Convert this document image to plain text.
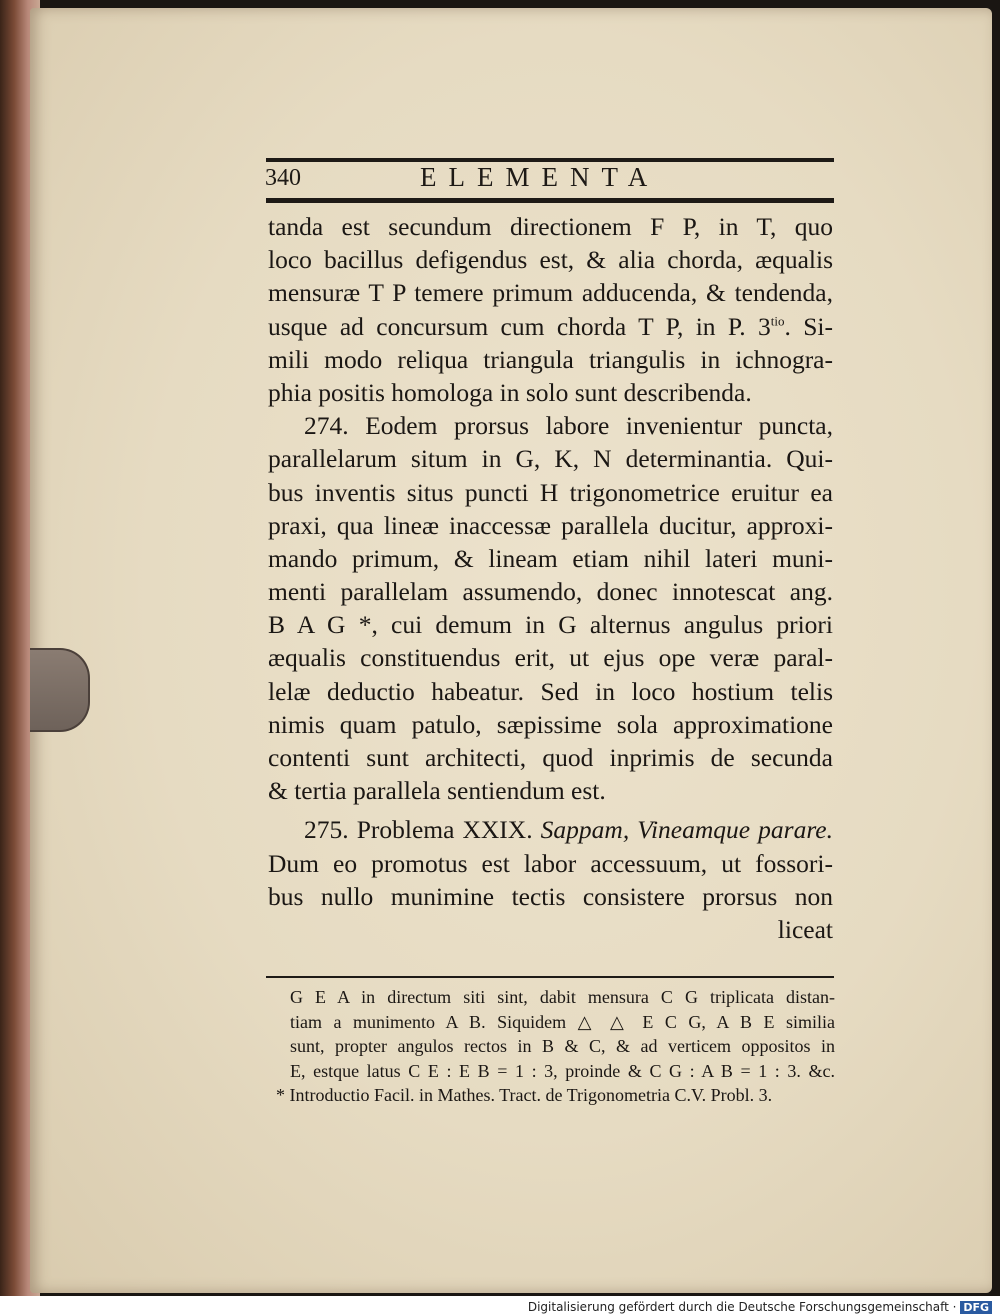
340	ELEMENTA
tanda est secundum directionem F P, in T, quo
loco bacillus defigendus est, & alia chorda, æqualis
mensuræ T P temere primum adducenda, & tendenda,
usque ad concursum cum chorda T P, in P. $3^{tio}$. Si-
mili modo reliqua triangula triangulis in ichnogra-
phia positis homologa in solo sunt describenda.
274. Eodem prorsus labore invenientur puncta,
parallelarum situm in G, K, N determinantia. Qui-
bus inventis situs puncti H trigonometrice eruitur ea
praxi, qua lineæ inaccessæ parallela ducitur, approxi-
mando primum, & lineam etiam nihil lateri muni-
menti parallelam assumendo, donec innotescat ang.
B A G *, cui demum in G alternus angulus priori
æqualis constituendus erit, ut ejus ope veræ paral-
lelæ deductio habeatur. Sed in loco hostium telis
nimis quam patulo, sæpissime sola approximatione
contenti sunt architecti, quod inprimis de secunda
& tertia parallela sentiendum est.
275. Problema XXIX. Sappam, Vineamque parare.
Dum eo promotus est labor accessuum, ut fossori-
bus nullo munimine tectis consistere prorsus non
liceat
G E A in directum siti sint, dabit mensura C G triplicata distan-
tiam a munimento A B. Siquidem △ △ E C G, A B E similia
sunt, propter angulos rectos in B & C, & ad verticem oppositos in
E, estque latus C E : E B = 1 : 3, proinde & C G : A B = 1 : 3. &c.
* Introductio Facil. in Mathes. Tract. de Trigonometria C.V. Probl. 3.
Digitalisierung gefördert durch die Deutsche Forschungsgemeinschaft · DFG
